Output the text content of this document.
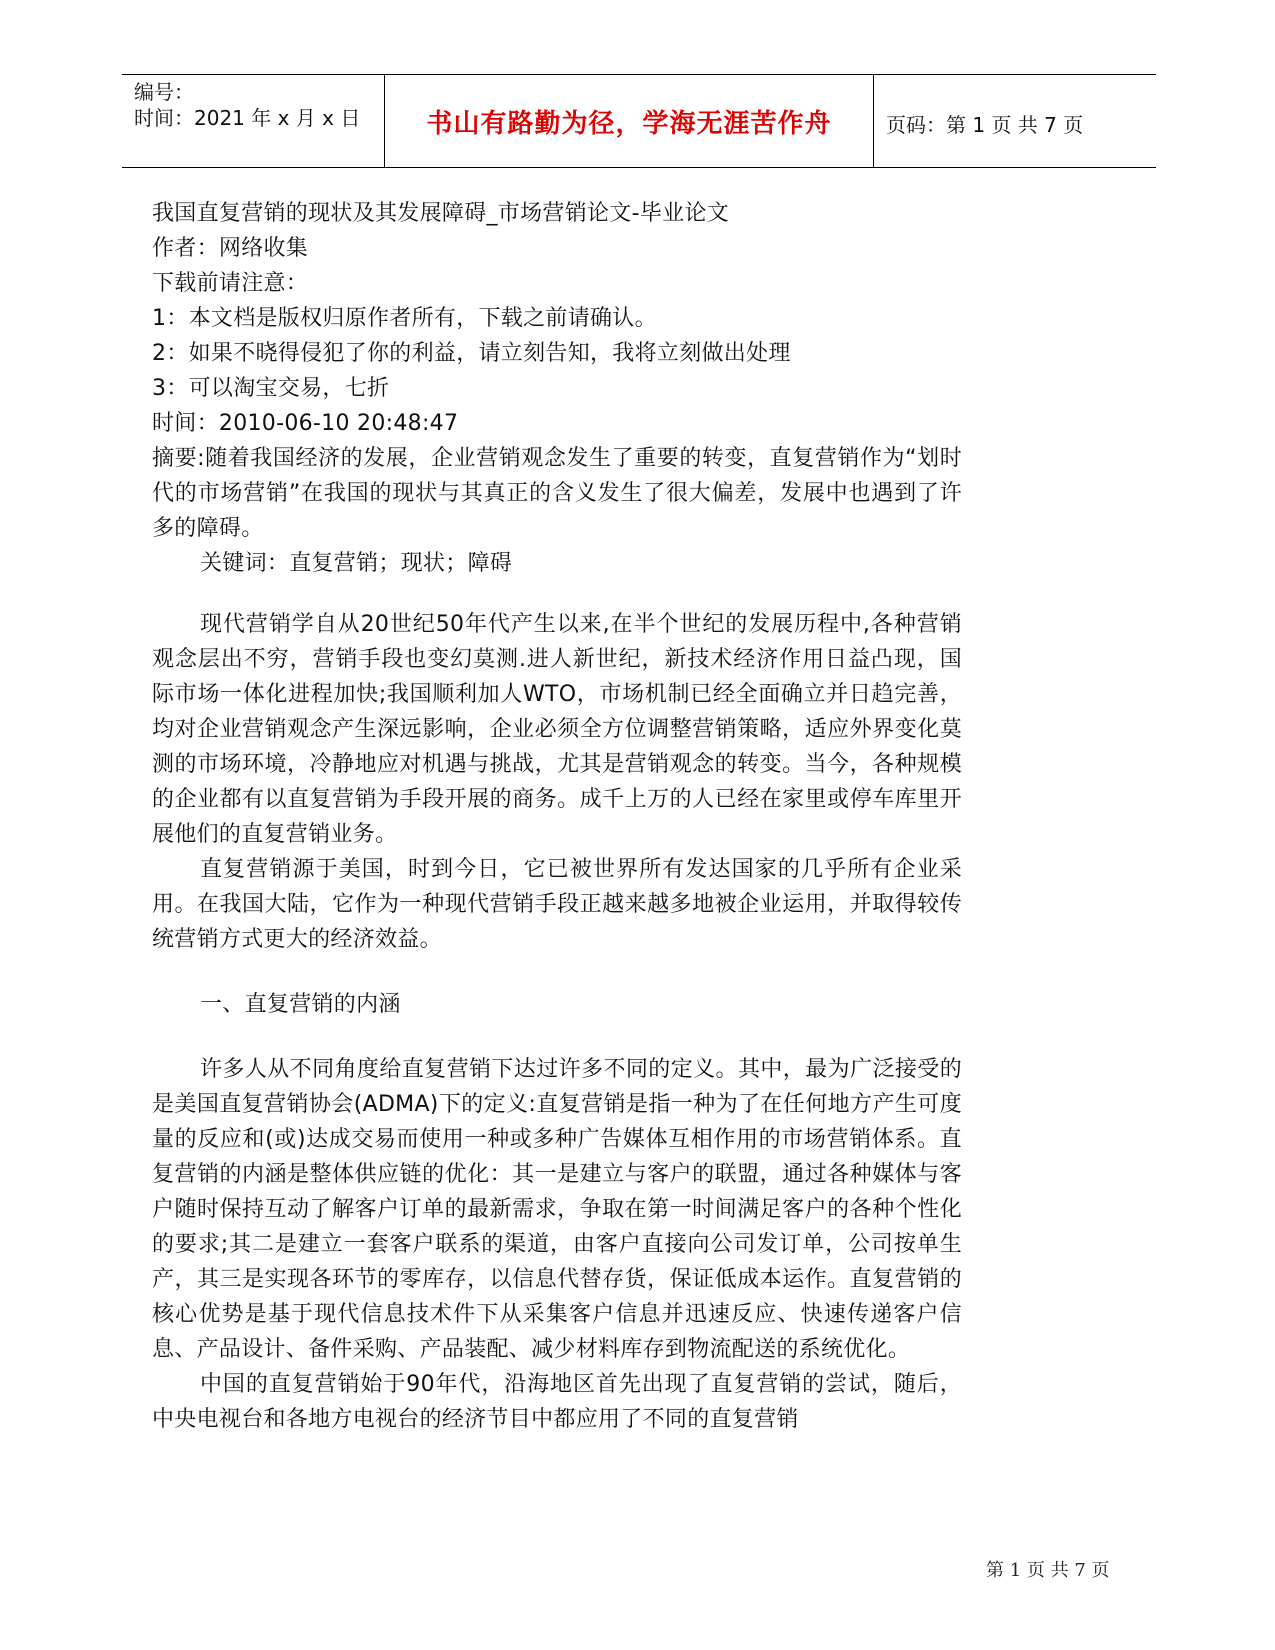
编号：
时间：2021 年 x 月 x 日	书山有路勤为径，学海无涯苦作舟	页码：第 1 页 共 7 页

我国直复营销的现状及其发展障碍_市场营销论文-毕业论文

作者：网络收集

下载前请注意：

1：本文档是版权归原作者所有，下载之前请确认。

2：如果不晓得侵犯了你的利益，请立刻告知，我将立刻做出处理

3：可以淘宝交易，七折

时间：2010-06-10 20:48:47

摘要:随着我国经济的发展，企业营销观念发生了重要的转变，直复营销作为“划时代的市场营销”在我国的现状与其真正的含义发生了很大偏差，发展中也遇到了许多的障碍。

关键词：直复营销；现状；障碍

现代营销学自从20世纪50年代产生以来,在半个世纪的发展历程中,各种营销观念层出不穷，营销手段也变幻莫测.进人新世纪，新技术经济作用日益凸现，国际市场一体化进程加快;我国顺利加人WTO，市场机制已经全面确立并日趋完善，均对企业营销观念产生深远影响，企业必须全方位调整营销策略，适应外界变化莫测的市场环境，冷静地应对机遇与挑战，尤其是营销观念的转变。当今，各种规模的企业都有以直复营销为手段开展的商务。成千上万的人已经在家里或停车库里开展他们的直复营销业务。

直复营销源于美国，时到今日，它已被世界所有发达国家的几乎所有企业采用。在我国大陆，它作为一种现代营销手段正越来越多地被企业运用，并取得较传统营销方式更大的经济效益。

一、直复营销的内涵

许多人从不同角度给直复营销下达过许多不同的定义。其中，最为广泛接受的是美国直复营销协会(ADMA)下的定义:直复营销是指一种为了在任何地方产生可度量的反应和(或)达成交易而使用一种或多种广告媒体互相作用的市场营销体系。直复营销的内涵是整体供应链的优化：其一是建立与客户的联盟，通过各种媒体与客户随时保持互动了解客户订单的最新需求，争取在第一时间满足客户的各种个性化的要求;其二是建立一套客户联系的渠道，由客户直接向公司发订单，公司按单生产，其三是实现各环节的零库存，以信息代替存货，保证低成本运作。直复营销的核心优势是基于现代信息技术件下从采集客户信息并迅速反应、快速传递客户信息、产品设计、备件采购、产品装配、减少材料库存到物流配送的系统优化。

中国的直复营销始于90年代，沿海地区首先出现了直复营销的尝试，随后，中央电视台和各地方电视台的经济节目中都应用了不同的直复营销

第 1 页 共 7 页
